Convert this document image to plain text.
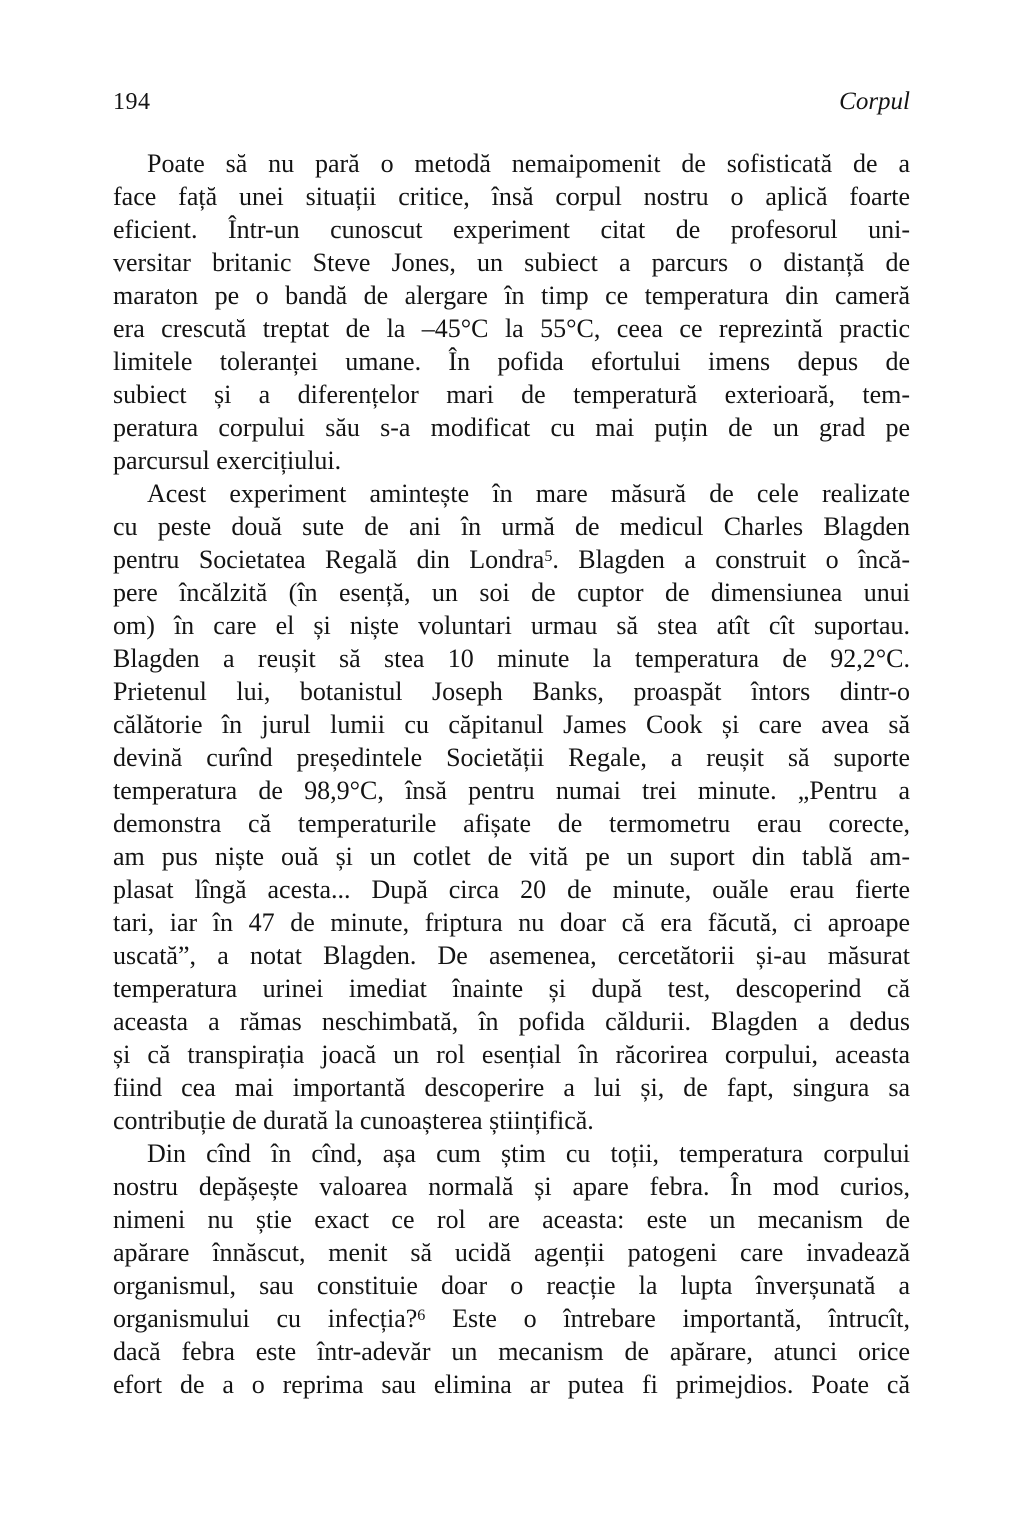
194	Corpul
Poate să nu pară o metodă nemaipomenit de sofisticată de a
face față unei situații critice, însă corpul nostru o aplică foarte
eficient. Într-un cunoscut experiment citat de profesorul uni-
versitar britanic Steve Jones, un subiect a parcurs o distanță de
maraton pe o bandă de alergare în timp ce temperatura din cameră
era crescută treptat de la –45°C la 55°C, ceea ce reprezintă practic
limitele toleranței umane. În pofida efortului imens depus de
subiect și a diferențelor mari de temperatură exterioară, tem-
peratura corpului său s-a modificat cu mai puțin de un grad pe
parcursul exercițiului.
Acest experiment amintește în mare măsură de cele realizate
cu peste două sute de ani în urmă de medicul Charles Blagden
pentru Societatea Regală din Londra$^5$. Blagden a construit o încă-
pere încălzită (în esență, un soi de cuptor de dimensiunea unui
om) în care el și niște voluntari urmau să stea atît cît suportau.
Blagden a reușit să stea 10 minute la temperatura de 92,2°C.
Prietenul lui, botanistul Joseph Banks, proaspăt întors dintr-o
călătorie în jurul lumii cu căpitanul James Cook și care avea să
devină curînd președintele Societății Regale, a reușit să suporte
temperatura de 98,9°C, însă pentru numai trei minute. „Pentru a
demonstra că temperaturile afișate de termometru erau corecte,
am pus niște ouă și un cotlet de vită pe un suport din tablă am-
plasat lîngă acesta... După circa 20 de minute, ouăle erau fierte
tari, iar în 47 de minute, friptura nu doar că era făcută, ci aproape
uscată”, a notat Blagden. De asemenea, cercetătorii și-au măsurat
temperatura urinei imediat înainte și după test, descoperind că
aceasta a rămas neschimbată, în pofida căldurii. Blagden a dedus
și că transpirația joacă un rol esențial în răcorirea corpului, aceasta
fiind cea mai importantă descoperire a lui și, de fapt, singura sa
contribuție de durată la cunoașterea științifică.
Din cînd în cînd, așa cum știm cu toții, temperatura corpului
nostru depășește valoarea normală și apare febra. În mod curios,
nimeni nu știe exact ce rol are aceasta: este un mecanism de
apărare înnăscut, menit să ucidă agenții patogeni care invadează
organismul, sau constituie doar o reacție la lupta înverșunată a
organismului cu infecția?$^6$ Este o întrebare importantă, întrucît,
dacă febra este într-adevăr un mecanism de apărare, atunci orice
efort de a o reprima sau elimina ar putea fi primejdios. Poate că
